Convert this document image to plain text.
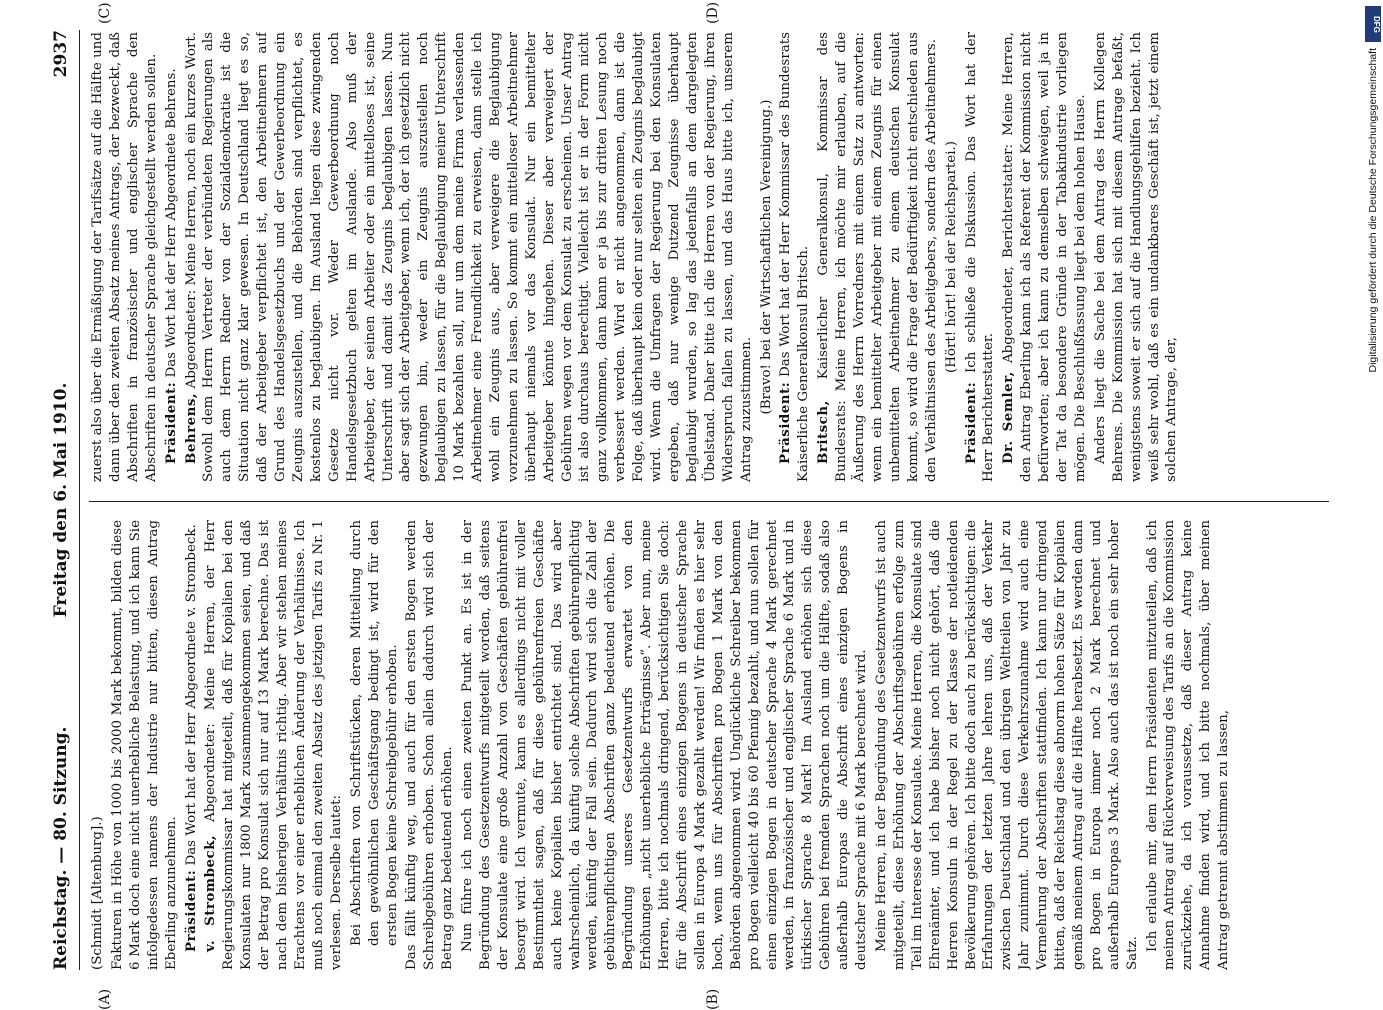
Reichstag. — 80. Sitzung.
Freitag den 6. Mai 1910.
2937

(Schmidt [Altenburg].) Fakturen in Höhe von 1000 bis 2000 Mark bekommt, bilden diese 6 Mark doch eine nicht unerhebliche Belastung, und ich kann Sie infolgedessen namens der Industrie nur bitten, diesen Antrag Eberling anzunehmen. Präsident: Das Wort hat der Herr Abgeordnete v. Strombeck.

v. Strombeck, Abgeordneter: Meine Herren, der Herr Regierungskommissar hat mitgeteilt, daß für Kopialien bei den Konsulaten nur 1800 Mark zusammengekommen seien, und daß der Betrag pro Konsulat sich nur auf 13 Mark berechne. Das ist nach dem bisherigen Verhältnis richtig. Aber wir stehen meines Erachtens vor einer erheblichen Änderung der Verhältnisse. Ich muß noch einmal den zweiten Absatz des jetzigen Tarifs zu Nr. 1 verlesen. Derselbe lautet: Bei Abschriften von Schriftstücken, deren Mitteilung durch den gewöhnlichen Geschäftsgang bedingt ist, wird für den ersten Bogen keine Schreibgebühr erhoben. Das fällt künftig weg, und auch für den ersten Bogen werden Schreibgebühren erhoben. Schon allein dadurch wird sich der Betrag ganz bedeutend erhöhen. Nun führe ich noch einen zweiten Punkt an. Es ist in der Begründung des Gesetzentwurfs mitgeteilt worden, daß seitens der Konsulate eine große Anzahl von Geschäften gebührenfrei besorgt wird. Ich vermute, kann es allerdings nicht mit voller Bestimmtheit sagen, daß für diese gebührenfreien Geschäfte auch keine Kopialien bisher entrichtet sind. Das wird aber wahrscheinlich, da künftig solche Abschriften gebührenpflichtig werden, künftig der Fall sein. Dadurch wird sich die Zahl der gebührenpflichtigen Abschriften ganz bedeutend erhöhen. Die Begründung unseres Gesetzentwurfs erwartet von den Erhöhungen „nicht unerhebliche Erträgnisse“. Aber nun, meine Herren, bitte ich nochmals dringend, berücksichtigen Sie doch: für die Abschrift eines einzigen Bogens in deutscher Sprache sollen in Europa 4 Mark gezahlt werden! Wir finden es hier sehr hoch, wenn uns für Abschriften pro Bogen 1 Mark von den Behörden abgenommen wird. Unglückliche Schreiber bekommen pro Bogen vielleicht 40 bis 60 Pfennig bezahlt, und nun sollen für einen einzigen Bogen in deutscher Sprache 4 Mark gerechnet werden, in französischer und englischer Sprache 6 Mark und in türkischer Sprache 8 Mark! Im Ausland erhöhen sich diese Gebühren bei fremden Sprachen noch um die Hälfte, sodaß also außerhalb Europas die Abschrift eines einzigen Bogens in deutscher Sprache mit 6 Mark berechnet wird. Meine Herren, in der Begründung des Gesetzentwurfs ist auch mitgeteilt, diese Erhöhung der Abschriftsgebühren erfolge zum Teil im Interesse der Konsulate. Meine Herren, die Konsulate sind Ehrenämter, und ich habe bisher noch nicht gehört, daß die Herren Konsuln in der Regel zu der Klasse der notleidenden Bevölkerung gehören. Ich bitte doch auch zu berücksichtigen: die Erfahrungen der letzten Jahre lehren uns, daß der Verkehr zwischen Deutschland und den übrigen Weltteilen von Jahr zu Jahr zunimmt. Durch diese Verkehrszunahme wird auch eine Vermehrung der Abschriften stattfinden. Ich kann nur dringend bitten, daß der Reichstag diese abnorm hohen Sätze für Kopialien gemäß meinem Antrag auf die Hälfte herabsetzt. Es werden dann pro Bogen in Europa immer noch 2 Mark berechnet und außerhalb Europas 3 Mark. Also auch das ist noch ein sehr hoher Satz.

Ich erlaube mir, dem Herrn Präsidenten mitzuteilen, daß ich meinen Antrag auf Rückverweisung des Tarifs an die Kommission zurückziehe, da ich voraussetze, daß dieser Antrag keine Annahme finden wird, und ich bitte nochmals, über meinen Antrag getrennt abstimmen zu lassen,

zuerst also über die Ermäßigung der Tarifsätze auf die Hälfte und dann über den zweiten Absatz meines Antrags, der bezweckt, daß Abschriften in französischer und englischer Sprache den Abschriften in deutscher Sprache gleichgestellt werden sollen. Präsident: Das Wort hat der Herr Abgeordnete Behrens.

Behrens, Abgeordneter: Meine Herren, noch ein kurzes Wort. Sowohl dem Herrn Vertreter der verbündeten Regierungen als auch dem Herrn Redner von der Sozialdemokratie ist die Situation nicht ganz klar gewesen. In Deutschland liegt es so, daß der Arbeitgeber verpflichtet ist, den Arbeitnehmern auf Grund des Handelsgesetzbuchs und der Gewerbeordnung ein Zeugnis auszustellen, und die Behörden sind verpflichtet, es kostenlos zu beglaubigen. Im Ausland liegen diese zwingenden Gesetze nicht vor. Weder Gewerbeordnung noch Handelsgesetzbuch gelten im Auslande. Also muß der Arbeitgeber, der seinen Arbeiter oder ein mittelloses ist, seine Unterschrift und damit das Zeugnis beglaubigen lassen. Nun aber sagt sich der Arbeitgeber, wenn ich, der ich gesetzlich nicht gezwungen bin, weder ein Zeugnis auszustellen noch beglaubigen zu lassen, für die Beglaubigung meiner Unterschrift 10 Mark bezahlen soll, nur um dem meine Firma verlassenden Arbeitnehmer eine Freundlichkeit zu erweisen, dann stelle ich wohl ein Zeugnis aus, aber verweigere die Beglaubigung vorzunehmen zu lassen. So kommt ein mittelloser Arbeitnehmer überhaupt niemals vor das Konsulat. Nur ein bemittelter Arbeitgeber könnte hingehen. Dieser aber verweigert der Gebühren wegen vor dem Konsulat zu erscheinen. Unser Antrag ist also durchaus berechtigt. Vielleicht ist er in der Form nicht ganz vollkommen, dann kann er ja bis zur dritten Lesung noch verbessert werden. Wird er nicht angenommen, dann ist die Folge, daß überhaupt kein oder nur selten ein Zeugnis beglaubigt wird. Wenn die Umfragen der Regierung bei den Konsulaten ergeben, daß nur wenige Dutzend Zeugnisse überhaupt beglaubigt wurden, so lag das jedenfalls an dem dargelegten Übelstand. Daher bitte ich die Herren von der Regierung, ihren Widerspruch fallen zu lassen, und das Haus bitte ich, unserem Antrag zuzustimmen. (Bravo! bei der Wirtschaftlichen Vereinigung.)

Präsident: Das Wort hat der Herr Kommissar des Bundesrats Kaiserliche Generalkonsul Britsch. Britsch, Kaiserlicher Generalkonsul, Kommissar des Bundesrats: Meine Herren, ich möchte mir erlauben, auf die Äußerung des Herrn Vorredners mit einem Satz zu antworten: wenn ein bemittelter Arbeitgeber mit einem Zeugnis für einen unbemittelten Arbeitnehmer zu einem deutschen Konsulat kommt, so wird die Frage der Bedürftigkeit nicht entschieden aus den Verhältnissen des Arbeitgebers, sondern des Arbeitnehmers. (Hört! hört! bei der Reichspartei.)

Präsident: Ich schließe die Diskussion. Das Wort hat der Herr Berichterstatter. Dr. Semler, Abgeordneter, Berichterstatter: Meine Herren, den Antrag Eberling kann ich als Referent der Kommission nicht befürworten; aber ich kann zu demselben schweigen, weil ja in der Tat da besondere Gründe in der Tabakindustrie vorliegen mögen. Die Beschlußfassung liegt bei dem hohen Hause. Anders liegt die Sache bei dem Antrag des Herrn Kollegen Behrens. Die Kommission hat sich mit diesem Antrage befaßt, wenigstens soweit er sich auf die Handlungsgehilfen bezieht. Ich weiß sehr wohl, daß es ein undankbares Geschäft ist, jetzt einem solchen Antrage, der,

(A)	(B)
(C)	(D)	DFG
Digitalisierung gefördert durch die Deutsche Forschungsgemeinschaft
